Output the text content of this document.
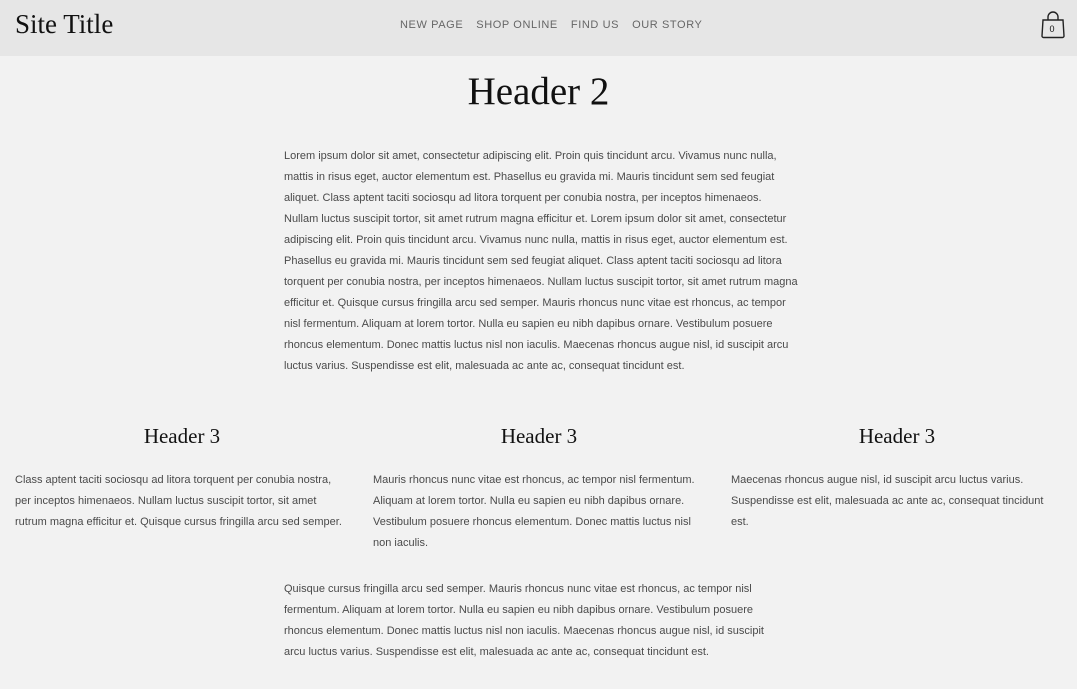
Site Title	NEW PAGE SHOP ONLINE FIND US OUR STORY	0
Header 2

Lorem ipsum dolor sit amet, consectetur adipiscing elit. Proin quis tincidunt arcu. Vivamus nunc nulla, mattis in risus eget, auctor elementum est. Phasellus eu gravida mi. Mauris tincidunt sem sed feugiat aliquet. Class aptent taciti sociosqu ad litora torquent per conubia nostra, per inceptos himenaeos. Nullam luctus suscipit tortor, sit amet rutrum magna efficitur et. Lorem ipsum dolor sit amet, consectetur adipiscing elit. Proin quis tincidunt arcu. Vivamus nunc nulla, mattis in risus eget, auctor elementum est. Phasellus eu gravida mi. Mauris tincidunt sem sed feugiat aliquet. Class aptent taciti sociosqu ad litora torquent per conubia nostra, per inceptos himenaeos. Nullam luctus suscipit tortor, sit amet rutrum magna efficitur et. Quisque cursus fringilla arcu sed semper. Mauris rhoncus nunc vitae est rhoncus, ac tempor nisl fermentum. Aliquam at lorem tortor. Nulla eu sapien eu nibh dapibus ornare. Vestibulum posuere rhoncus elementum. Donec mattis luctus nisl non iaculis. Maecenas rhoncus augue nisl, id suscipit arcu luctus varius. Suspendisse est elit, malesuada ac ante ac, consequat tincidunt est.

Header 3

Class aptent taciti sociosqu ad litora torquent per conubia nostra, per inceptos himenaeos. Nullam luctus suscipit tortor, sit amet rutrum magna efficitur et. Quisque cursus fringilla arcu sed semper.

Header 3

Mauris rhoncus nunc vitae est rhoncus, ac tempor nisl fermentum. Aliquam at lorem tortor. Nulla eu sapien eu nibh dapibus ornare. Vestibulum posuere rhoncus elementum. Donec mattis luctus nisl non iaculis.

Header 3

Maecenas rhoncus augue nisl, id suscipit arcu luctus varius. Suspendisse est elit, malesuada ac ante ac, consequat tincidunt est.

Quisque cursus fringilla arcu sed semper. Mauris rhoncus nunc vitae est rhoncus, ac tempor nisl fermentum. Aliquam at lorem tortor. Nulla eu sapien eu nibh dapibus ornare. Vestibulum posuere rhoncus elementum. Donec mattis luctus nisl non iaculis. Maecenas rhoncus augue nisl, id suscipit arcu luctus varius. Suspendisse est elit, malesuada ac ante ac, consequat tincidunt est.
